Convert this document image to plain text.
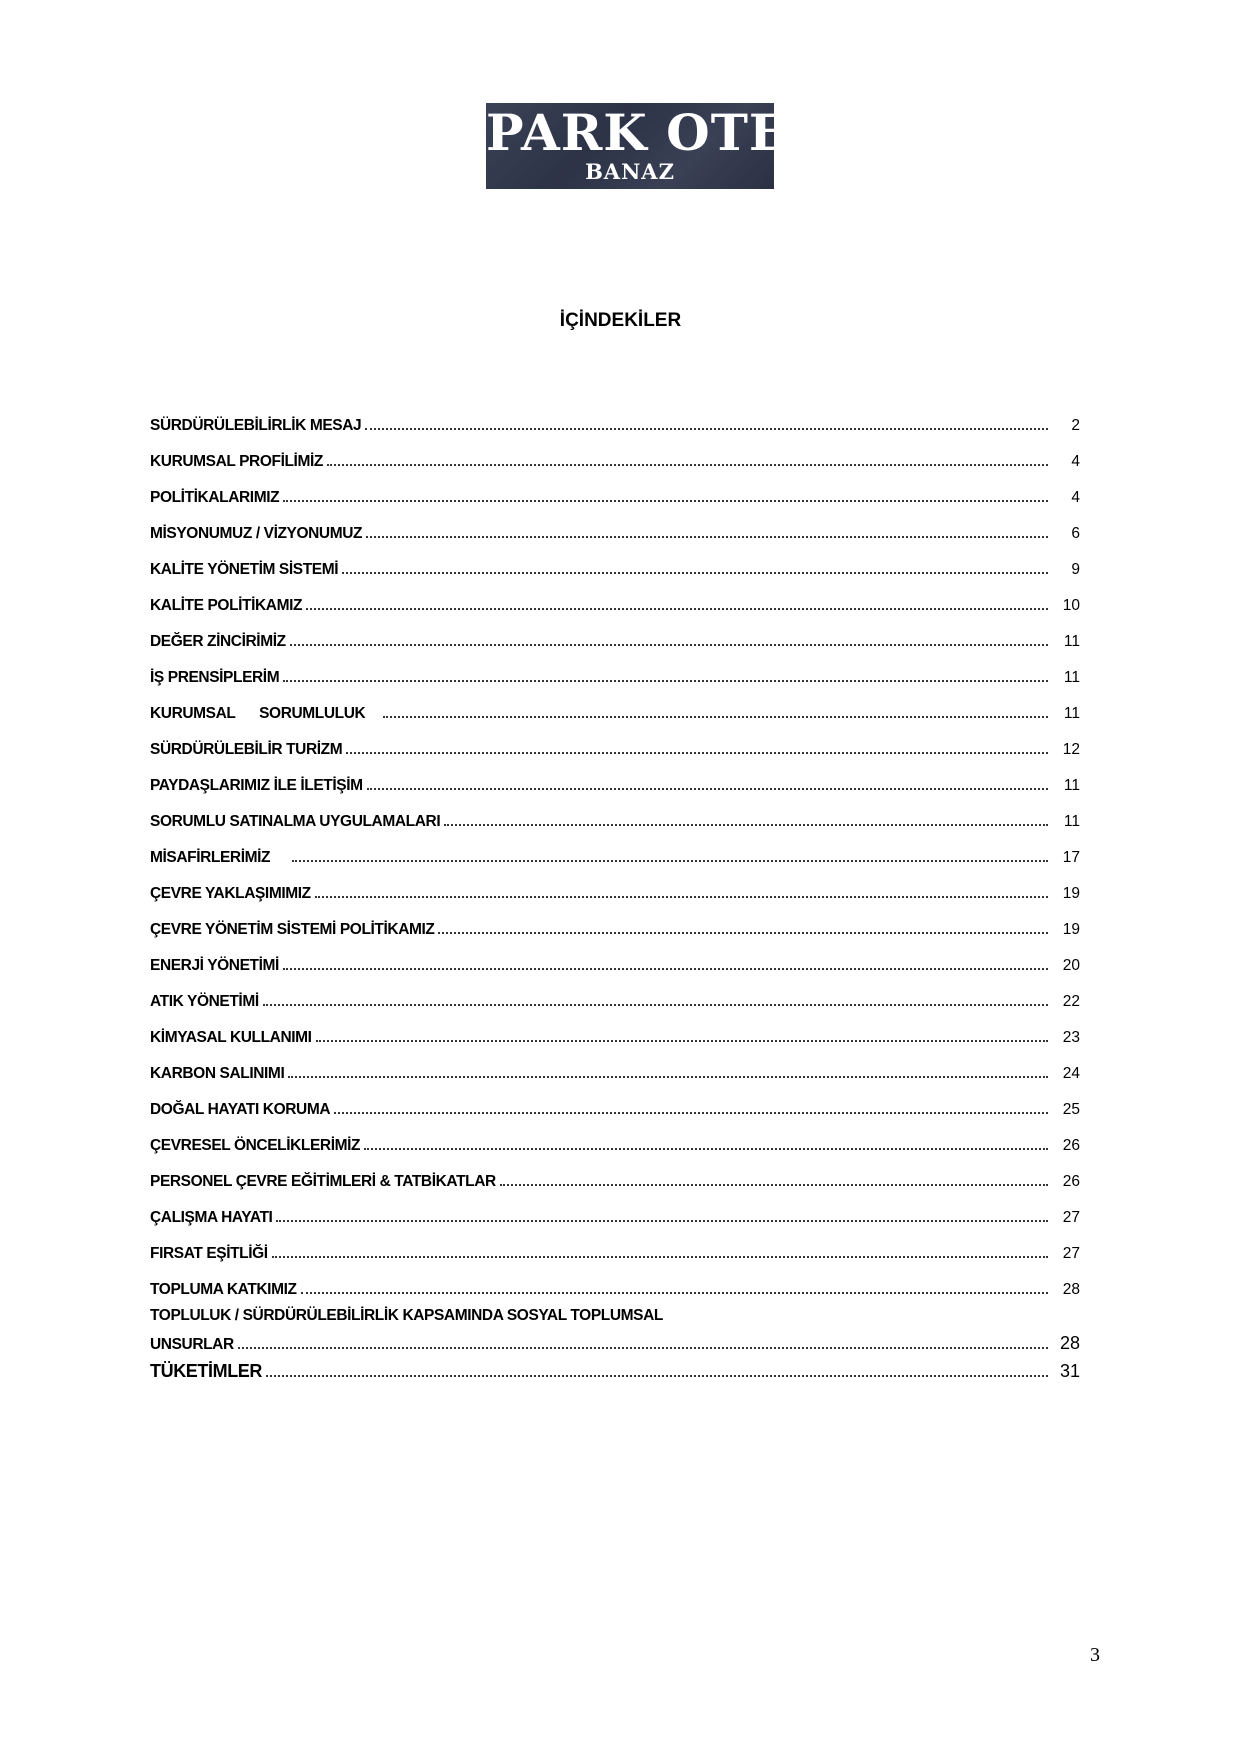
PARK OTEL
BANAZ
İÇİNDEKİLER
SÜRDÜRÜLEBİLİRLİK MESAJ	2
KURUMSAL PROFİLİMİZ	4
POLİTİKALARIMIZ	4
MİSYONUMUZ / VİZYONUMUZ	6
KALİTE YÖNETİM SİSTEMİ	9
KALİTE POLİTİKAMIZ	10
DEĞER ZİNCİRİMİZ	11
İŞ PRENSİPLERİM	11
KURUMSAL SORUMLULUK	11
SÜRDÜRÜLEBİLİR TURİZM	12
PAYDAŞLARIMIZ İLE İLETİŞİM	11
SORUMLU SATINALMA UYGULAMALARI	11
MİSAFİRLERİMİZ	17
ÇEVRE YAKLAŞIMIMIZ	19
ÇEVRE YÖNETİM SİSTEMİ POLİTİKAMIZ	19
ENERJİ YÖNETİMİ	20
ATIK YÖNETİMİ	22
KİMYASAL KULLANIMI	23
KARBON SALINIMI	24
DOĞAL HAYATI KORUMA	25
ÇEVRESEL ÖNCELİKLERİMİZ	26
PERSONEL ÇEVRE EĞİTİMLERİ & TATBİKATLAR	26
ÇALIŞMA HAYATI	27
FIRSAT EŞİTLİĞİ	27
TOPLUMA KATKIMIZ	28
TOPLULUK / SÜRDÜRÜLEBİLİRLİK KAPSAMINDA SOSYAL TOPLUMSAL
UNSURLAR	28
TÜKETİMLER	31
3
